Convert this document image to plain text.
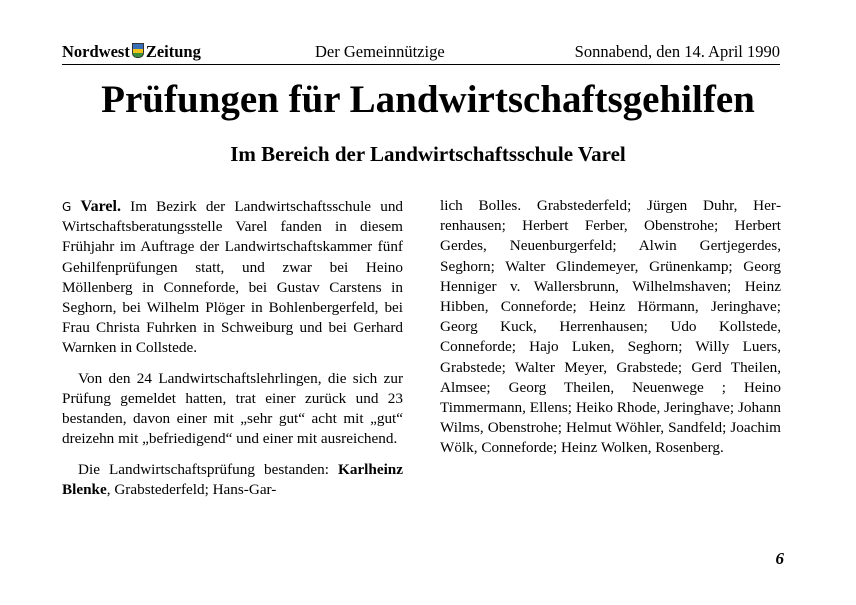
Nordwest Zeitung	Der Gemeinnützige	Sonnabend, den 14. April 1990
Prüfungen für Landwirtschaftsgehilfen
Im Bereich der Landwirtschaftsschule Varel

G Varel. Im Bezirk der Landwirtschaftsschule und Wirtschaftsberatungsstelle Varel fanden in diesem Frühjahr im Auftrage der Landwirtschaftskammer fünf Gehilfenprüfungen statt, und zwar bei Heino Möllenberg in Conneforde, bei Gustav Carstens in Seghorn, bei Wilhelm Plöger in Bohlenbergerfeld, bei Frau Christa Fuhrken in Schweiburg und bei Gerhard Warnken in Collstede.

Von den 24 Landwirtschaftslehrlingen, die sich zur Prüfung gemeldet hatten, trat einer zurück und 23 bestanden, davon einer mit „sehr gut“ acht mit „gut“ dreizehn mit „befriedigend“ und einer mit ausreichend.

Die Landwirtschaftsprüfung bestanden: Karlheinz Blenke, Grabstederfeld; Hans-Gar-

lich Bolles. Grabstederfeld; Jürgen Duhr, Herrenhausen; Herbert Ferber, Obenstrohe; Herbert Gerdes, Neuenburgerfeld; Alwin Gertjegerdes, Seghorn; Walter Glindemeyer, Grünenkamp; Georg Henniger v. Wallersbrunn, Wilhelmshaven; Heinz Hibben, Conneforde; Heinz Hörmann, Jeringhave; Georg Kuck, Herrenhausen; Udo Kollstede, Conneforde; Hajo Luken, Seghorn; Willy Luers, Grabstede; Walter Meyer, Grabstede; Gerd Theilen, Almsee; Georg Theilen, Neuenwege ; Heino Timmermann, Ellens; Heiko Rhode, Jeringhave; Johann Wilms, Obenstrohe; Helmut Wöhler, Sandfeld; Joachim Wölk, Conneforde; Heinz Wolken, Rosenberg.

6
